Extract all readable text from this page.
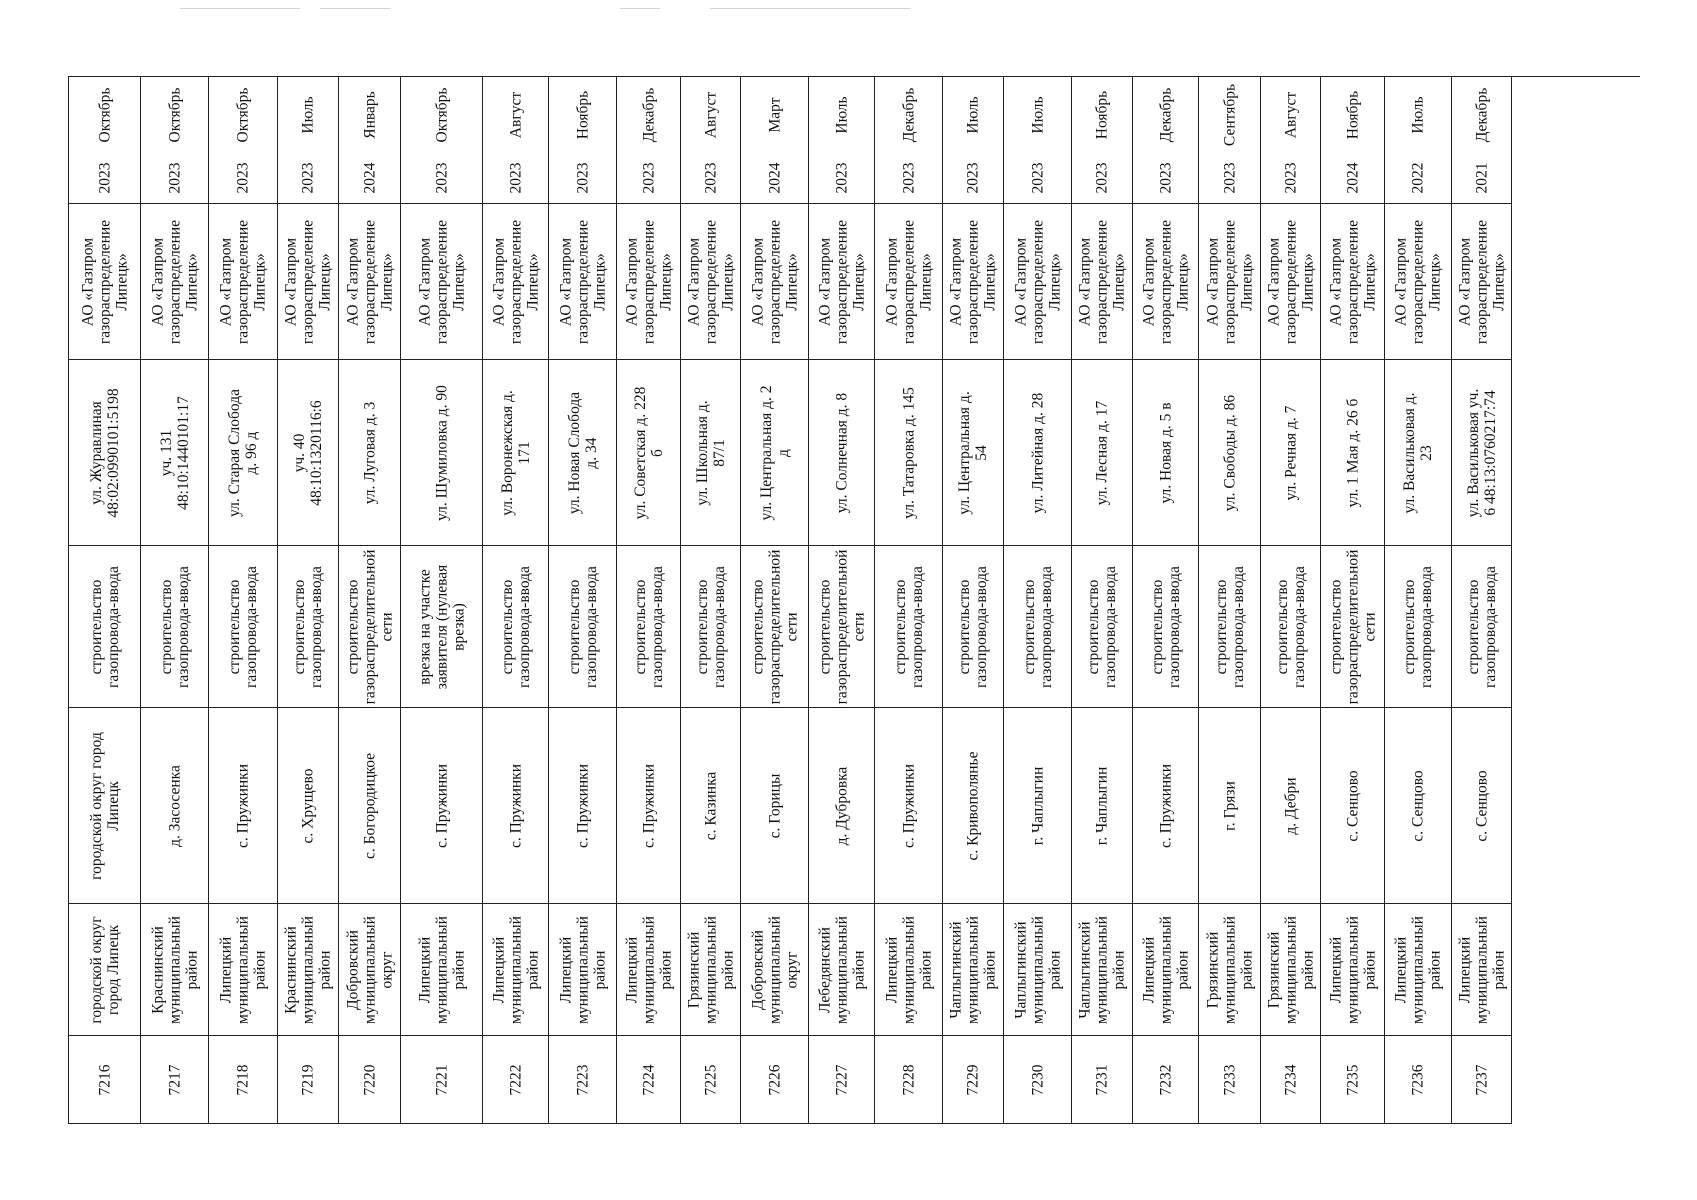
Октябрь
2023
АО «Газпром
газораспределение
Липецк»
ул. Журавлиная
48:02:0990101:5198
строительство
газопровода-ввода
городской округ город
Липецк
городской округ
город Липецк
7216
Октябрь
2023
АО «Газпром
газораспределение
Липецк»
уч. 131
48:10:1440101:17
строительство
газопровода-ввода
д. Засосенка
Краснинский
муниципальный
район
7217
Октябрь
2023
АО «Газпром
газораспределение
Липецк»
ул. Старая Слобода
д. 96 д
строительство
газопровода-ввода
с. Пружинки
Липецкий
муниципальный
район
7218
Июль
2023
АО «Газпром
газораспределение
Липецк»
уч. 40
48:10:1320116:6
строительство
газопровода-ввода
с. Хрущево
Краснинский
муниципальный
район
7219
Январь
2024
АО «Газпром
газораспределение
Липецк»
ул. Луговая д. 3
строительство
газораспределительной
сети
с. Богородицкое
Добровский
муниципальный
округ
7220
Октябрь
2023
АО «Газпром
газораспределение
Липецк»
ул. Шумиловка д. 90
врезка на участке
заявителя (нулевая
врезка)
с. Пружинки
Липецкий
муниципальный
район
7221
Август
2023
АО «Газпром
газораспределение
Липецк»
ул. Воронежская д.
171
строительство
газопровода-ввода
с. Пружинки
Липецкий
муниципальный
район
7222
Ноябрь
2023
АО «Газпром
газораспределение
Липецк»
ул. Новая Слобода
д. 34
строительство
газопровода-ввода
с. Пружинки
Липецкий
муниципальный
район
7223
Декабрь
2023
АО «Газпром
газораспределение
Липецк»
ул. Советская д. 228
б
строительство
газопровода-ввода
с. Пружинки
Липецкий
муниципальный
район
7224
Август
2023
АО «Газпром
газораспределение
Липецк»
ул. Школьная д.
87/1
строительство
газопровода-ввода
с. Казинка
Грязинский
муниципальный
район
7225
Март
2024
АО «Газпром
газораспределение
Липецк»
ул. Центральная д. 2
д
строительство
газораспределительной
сети
с. Горицы
Добровский
муниципальный
округ
7226
Июль
2023
АО «Газпром
газораспределение
Липецк»
ул. Солнечная д. 8
строительство
газораспределительной
сети
д. Дубровка
Лебедянский
муниципальный
район
7227
Декабрь
2023
АО «Газпром
газораспределение
Липецк»
ул. Татаровка д. 145
строительство
газопровода-ввода
с. Пружинки
Липецкий
муниципальный
район
7228
Июль
2023
АО «Газпром
газораспределение
Липецк»
ул. Центральная д.
54
строительство
газопровода-ввода
с. Кривополянье
Чаплыгинский
муниципальный
район
7229
Июль
2023
АО «Газпром
газораспределение
Липецк»
ул. Литейная д. 28
строительство
газопровода-ввода
г. Чаплыгин
Чаплыгинский
муниципальный
район
7230
Ноябрь
2023
АО «Газпром
газораспределение
Липецк»
ул. Лесная д. 17
строительство
газопровода-ввода
г. Чаплыгин
Чаплыгинский
муниципальный
район
7231
Декабрь
2023
АО «Газпром
газораспределение
Липецк»
ул. Новая д. 5 в
строительство
газопровода-ввода
с. Пружинки
Липецкий
муниципальный
район
7232
Сентябрь
2023
АО «Газпром
газораспределение
Липецк»
ул. Свободы д. 86
строительство
газопровода-ввода
г. Грязи
Грязинский
муниципальный
район
7233
Август
2023
АО «Газпром
газораспределение
Липецк»
ул. Речная д. 7
строительство
газопровода-ввода
д. Дебри
Грязинский
муниципальный
район
7234
Ноябрь
2024
АО «Газпром
газораспределение
Липецк»
ул. 1 Мая д. 26 б
строительство
газораспределительной
сети
с. Сенцово
Липецкий
муниципальный
район
7235
Июль
2022
АО «Газпром
газораспределение
Липецк»
ул. Васильковая д.
23
строительство
газопровода-ввода
с. Сенцово
Липецкий
муниципальный
район
7236
Декабрь
2021
АО «Газпром
газораспределение
Липецк»
ул. Васильковая уч.
6 48:13:0760217:74
строительство
газопровода-ввода
с. Сенцово
Липецкий
муниципальный
район
7237
